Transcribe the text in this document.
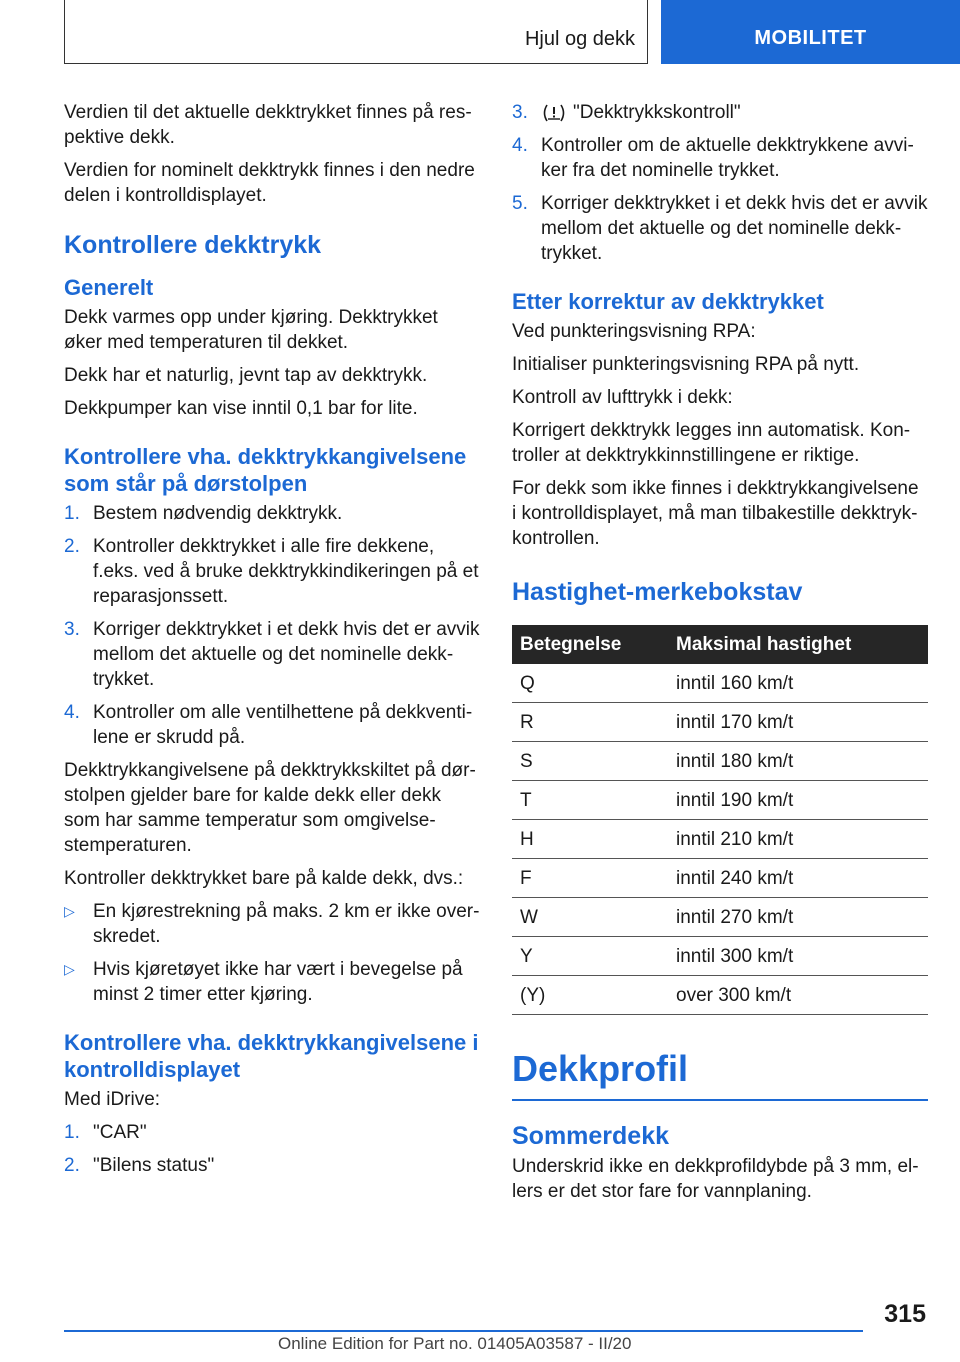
Hjul og dekk	MOBILITET

Verdien til det aktuelle dekktrykket finnes på respektive dekk.

Verdien for nominelt dekktrykk finnes i den nedre delen i kontrolldisplayet.

Kontrollere dekktrykk
Generelt

Dekk varmes opp under kjøring. Dekktrykket øker med temperaturen til dekket.

Dekk har et naturlig, jevnt tap av dekktrykk.

Dekkpumper kan vise inntil 0,1 bar for lite.

Kontrollere vha. dekktrykkangivelsene som står på dørstolpen
1. Bestem nødvendig dekktrykk.
2. Kontroller dekktrykket i alle fire dekkene, f.eks. ved å bruke dekktrykkindikeringen på et reparasjonssett.
3. Korriger dekktrykket i et dekk hvis det er avvik mellom det aktuelle og det nominelle dekktrykket.
4. Kontroller om alle ventilhettene på dekkventilene er skrudd på.

Dekktrykkangivelsene på dekktrykkskiltet på dørstolpen gjelder bare for kalde dekk eller dekk som har samme temperatur som omgivelsestemperaturen.

Kontroller dekktrykket bare på kalde dekk, dvs.:

▷ En kjørestrekning på maks. 2 km er ikke overskredet.
▷ Hvis kjøretøyet ikke har vært i bevegelse på minst 2 timer etter kjøring.
Kontrollere vha. dekktrykkangivelsene i kontrolldisplayet

Med iDrive:

1. "CAR"
2. "Bilens status"
3.	"Dekktrykkskontroll"
4. Kontroller om de aktuelle dekktrykkene avviker fra det nominelle trykket.
5. Korriger dekktrykket i et dekk hvis det er avvik mellom det aktuelle og det nominelle dekktrykket.
Etter korrektur av dekktrykket

Ved punkteringsvisning RPA:

Initialiser punkteringsvisning RPA på nytt.

Kontroll av lufttrykk i dekk:

Korrigert dekktrykk legges inn automatisk. Kontroller at dekktrykkinnstillingene er riktige.

For dekk som ikke finnes i dekktrykkangivelsene i kontrolldisplayet, må man tilbakestille dekktrykkontrollen.

Hastighet-merkebokstav
Betegnelse	Maksimal hastighet
Q	inntil 160 km/t
R	inntil 170 km/t
S	inntil 180 km/t
T	inntil 190 km/t
H	inntil 210 km/t
F	inntil 240 km/t
W	inntil 270 km/t
Y	inntil 300 km/t
(Y)	over 300 km/t
Dekkprofil
Sommerdekk

Underskrid ikke en dekkprofildybde på 3 mm, ellers er det stor fare for vannplaning.

315
Online Edition for Part no. 01405A03587 - II/20
